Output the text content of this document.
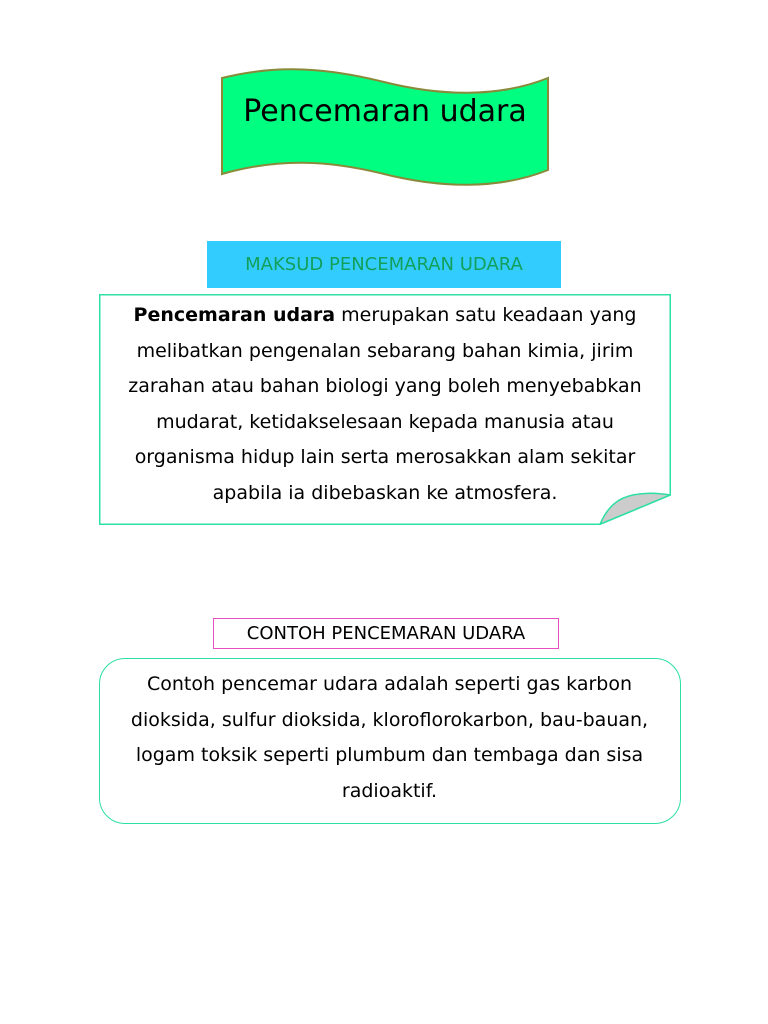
Pencemaran udara
MAKSUD PENCEMARAN UDARA
Pencemaran udara merupakan satu keadaan yang melibatkan pengenalan sebarang bahan kimia, jirim zarahan atau bahan biologi yang boleh menyebabkan mudarat, ketidakselesaan kepada manusia atau organisma hidup lain serta merosakkan alam sekitar apabila ia dibebaskan ke atmosfera.
CONTOH PENCEMARAN UDARA
Contoh pencemar udara adalah seperti gas karbon dioksida, sulfur dioksida, kloroflorokarbon, bau-bauan, logam toksik seperti plumbum dan tembaga dan sisa radioaktif.
